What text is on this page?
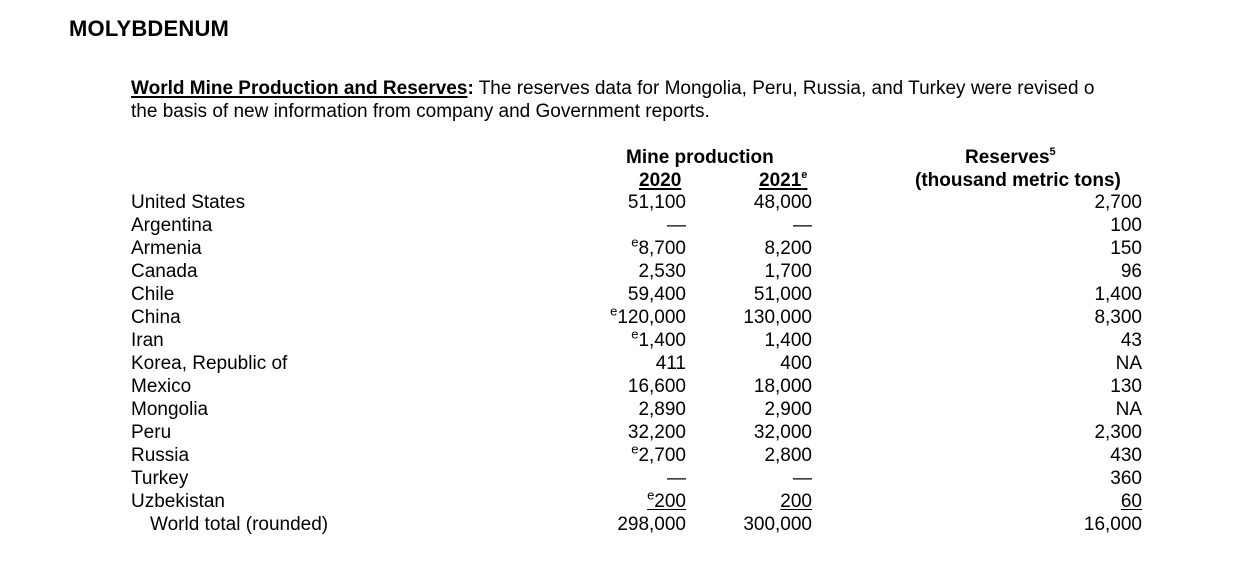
MOLYBDENUM
World Mine Production and Reserves: The reserves data for Mongolia, Peru, Russia, and Turkey were revised o
the basis of new information from company and Government reports.
Mine production
2020	2021e
Reserves$^5$
(thousand metric tons)
United States	51,100	48,000	2,700
Argentina	—	—	100
Armenia	$^e$8,700	8,200	150
Canada	2,530	1,700	96
Chile	59,400	51,000	1,400
China	$^e$120,000	130,000	8,300
Iran	$^e$1,400	1,400	43
Korea, Republic of	411	400	NA
Mexico	16,600	18,000	130
Mongolia	2,890	2,900	NA
Peru	32,200	32,000	2,300
Russia	$^e$2,700	2,800	430
Turkey	—	—	360
Uzbekistan	$^e$200	200	60
World total (rounded)	298,000	300,000	16,000
